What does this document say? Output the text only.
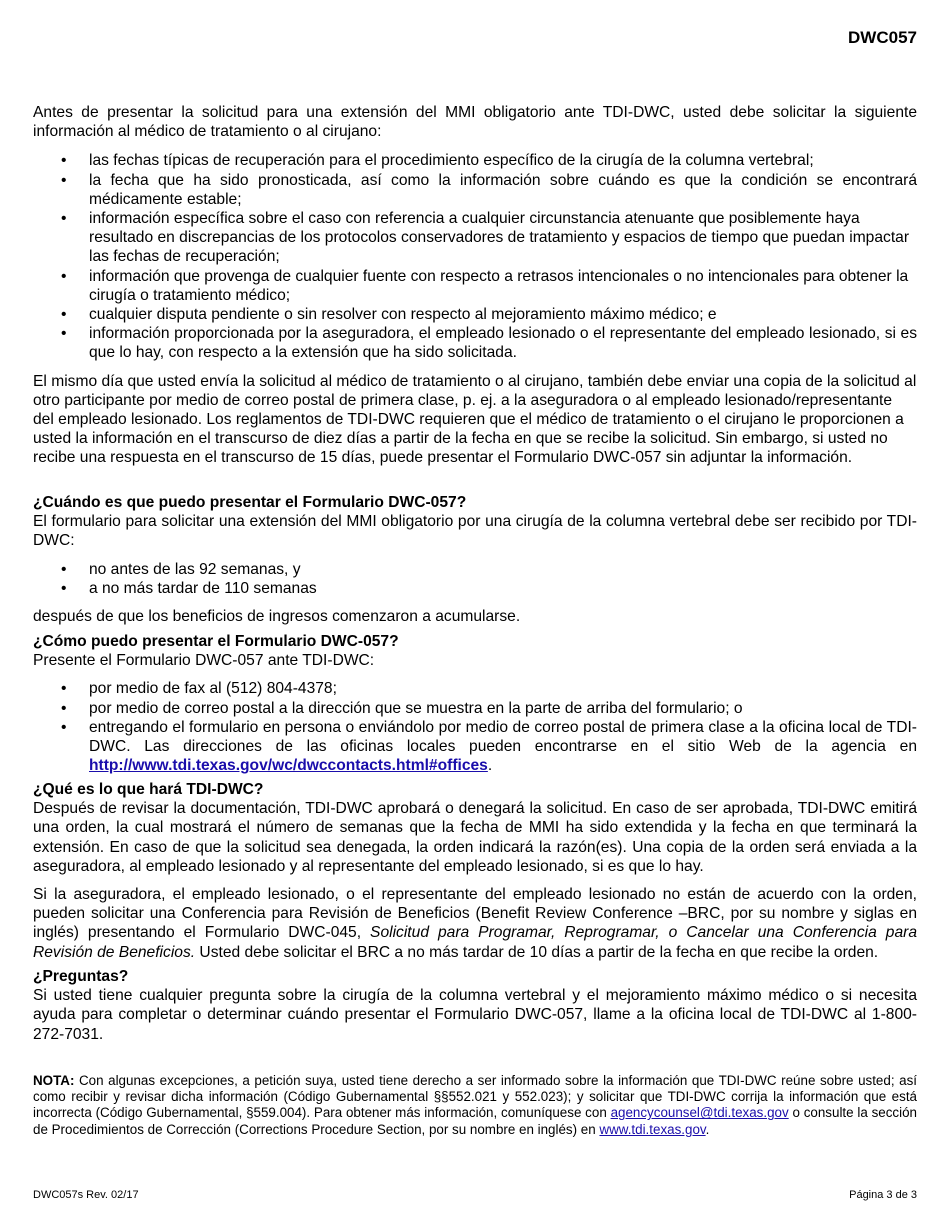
DWC057

Antes de presentar la solicitud para una extensión del MMI obligatorio ante TDI-DWC, usted debe solicitar la siguiente información al médico de tratamiento o al cirujano:

• las fechas típicas de recuperación para el procedimiento específico de la cirugía de la columna vertebral;
• la fecha que ha sido pronosticada, así como la información sobre cuándo es que la condición se encontrará médicamente estable;
• información específica sobre el caso con referencia a cualquier circunstancia atenuante que posiblemente haya resultado en discrepancias de los protocolos conservadores de tratamiento y espacios de tiempo que puedan impactar las fechas de recuperación;
• información que provenga de cualquier fuente con respecto a retrasos intencionales o no intencionales para obtener la cirugía o tratamiento médico;
• cualquier disputa pendiente o sin resolver con respecto al mejoramiento máximo médico; e
• información proporcionada por la aseguradora, el empleado lesionado o el representante del empleado lesionado, si es que lo hay, con respecto a la extensión que ha sido solicitada.

El mismo día que usted envía la solicitud al médico de tratamiento o al cirujano, también debe enviar una copia de la solicitud al otro participante por medio de correo postal de primera clase, p. ej. a la aseguradora o al empleado lesionado/representante del empleado lesionado. Los reglamentos de TDI-DWC requieren que el médico de tratamiento o el cirujano le proporcionen a usted la información en el transcurso de diez días a partir de la fecha en que se recibe la solicitud. Sin embargo, si usted no recibe una respuesta en el transcurso de 15 días, puede presentar el Formulario DWC-057 sin adjuntar la información.

¿Cuándo es que puedo presentar el Formulario DWC-057?

El formulario para solicitar una extensión del MMI obligatorio por una cirugía de la columna vertebral debe ser recibido por TDI-DWC:

• no antes de las 92 semanas, y
• a no más tardar de 110 semanas

después de que los beneficios de ingresos comenzaron a acumularse.

¿Cómo puedo presentar el Formulario DWC-057?

Presente el Formulario DWC-057 ante TDI-DWC:

• por medio de fax al (512) 804-4378;
• por medio de correo postal a la dirección que se muestra en la parte de arriba del formulario; o
• entregando el formulario en persona o enviándolo por medio de correo postal de primera clase a la oficina local de TDI-DWC. Las direcciones de las oficinas locales pueden encontrarse en el sitio Web de la agencia en http://www.tdi.texas.gov/wc/dwccontacts.html#offices.
¿Qué es lo que hará TDI-DWC?

Después de revisar la documentación, TDI-DWC aprobará o denegará la solicitud. En caso de ser aprobada, TDI-DWC emitirá una orden, la cual mostrará el número de semanas que la fecha de MMI ha sido extendida y la fecha en que terminará la extensión. En caso de que la solicitud sea denegada, la orden indicará la razón(es). Una copia de la orden será enviada a la aseguradora, al empleado lesionado y al representante del empleado lesionado, si es que lo hay.

Si la aseguradora, el empleado lesionado, o el representante del empleado lesionado no están de acuerdo con la orden, pueden solicitar una Conferencia para Revisión de Beneficios (Benefit Review Conference –BRC, por su nombre y siglas en inglés) presentando el Formulario DWC-045, Solicitud para Programar, Reprogramar, o Cancelar una Conferencia para Revisión de Beneficios. Usted debe solicitar el BRC a no más tardar de 10 días a partir de la fecha en que recibe la orden.

¿Preguntas?

Si usted tiene cualquier pregunta sobre la cirugía de la columna vertebral y el mejoramiento máximo médico o si necesita ayuda para completar o determinar cuándo presentar el Formulario DWC-057, llame a la oficina local de TDI-DWC al 1-800-272-7031.

NOTA: Con algunas excepciones, a petición suya, usted tiene derecho a ser informado sobre la información que TDI-DWC reúne sobre usted; así como recibir y revisar dicha información (Código Gubernamental §§552.021 y 552.023); y solicitar que TDI-DWC corrija la información que está incorrecta (Código Gubernamental, §559.004). Para obtener más información, comuníquese con agencycounsel@tdi.texas.gov o consulte la sección de Procedimientos de Corrección (Corrections Procedure Section, por su nombre en inglés) en www.tdi.texas.gov.
DWC057s Rev. 02/17	Página 3 de 3
